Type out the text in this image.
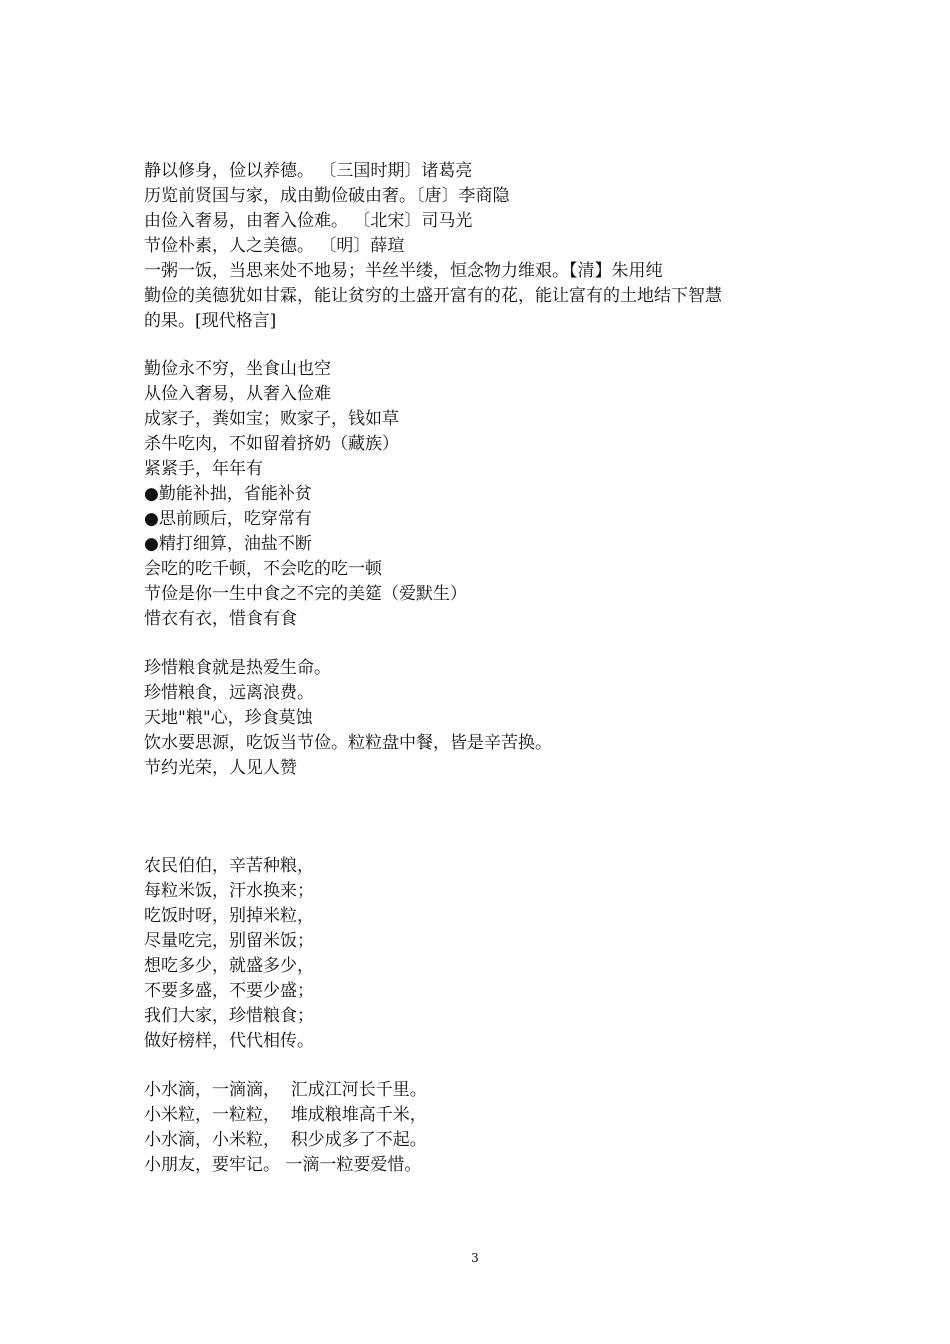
静以修身，俭以养德。 〔三国时期〕诸葛亮
历览前贤国与家，成由勤俭破由奢。〔唐〕李商隐
由俭入奢易，由奢入俭难。 〔北宋〕司马光
节俭朴素，人之美德。 〔明〕薛瑄
一粥一饭，当思来处不地易；半丝半缕，恒念物力维艰。【清】朱用纯
勤俭的美德犹如甘霖，能让贫穷的土盛开富有的花，能让富有的土地结下智慧
的果。[现代格言]
勤俭永不穷，坐食山也空
从俭入奢易，从奢入俭难
成家子，粪如宝；败家子，钱如草
杀牛吃肉，不如留着挤奶（藏族）
紧紧手，年年有
●勤能补拙，省能补贫
●思前顾后，吃穿常有
●精打细算，油盐不断
会吃的吃千顿，不会吃的吃一顿
节俭是你一生中食之不完的美筵（爱默生）
惜衣有衣，惜食有食
珍惜粮食就是热爱生命。
珍惜粮食，远离浪费。
天地"粮"心，珍食莫蚀
饮水要思源，吃饭当节俭。粒粒盘中餐，皆是辛苦换。
节约光荣，人见人赞
农民伯伯，辛苦种粮，
每粒米饭，汗水换来；
吃饭时呀，别掉米粒，
尽量吃完，别留米饭；
想吃多少，就盛多少，
不要多盛，不要少盛；
我们大家，珍惜粮食；
做好榜样，代代相传。
小水滴，一滴滴，  汇成江河长千里。
小米粒，一粒粒，  堆成粮堆高千米，
小水滴，小米粒，  积少成多了不起。
小朋友，要牢记。 一滴一粒要爱惜。
3
